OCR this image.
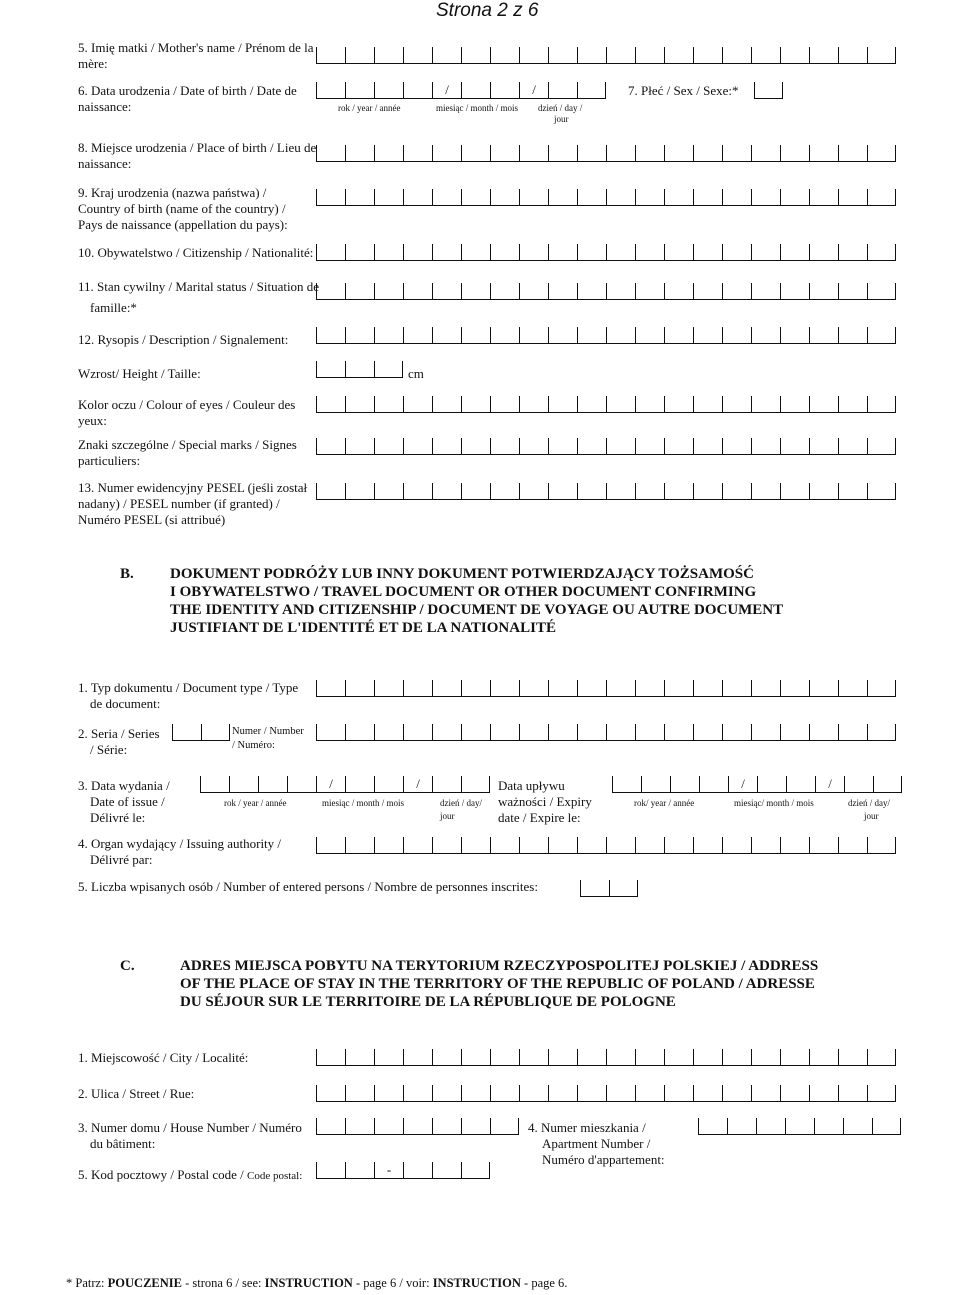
Strona 2 z 6
5. Imię matki / Mother's name / Prénom de la
mère:
6. Data urodzenia / Date of birth / Date de
naissance:
/	/
rok / year / année	miesiąc / month / mois dzień / day /
jour
7. Płeć / Sex / Sexe:*
8. Miejsce urodzenia / Place of birth / Lieu de
naissance:
9. Kraj urodzenia (nazwa państwa) /
Country of birth (name of the country) /
Pays de naissance (appellation du pays):
10. Obywatelstwo / Citizenship / Nationalité:
11. Stan cywilny / Marital status / Situation de
famille:*
12. Rysopis / Description / Signalement:
Wzrost/ Height / Taille:	cm
Kolor oczu / Colour of eyes / Couleur des
yeux:
Znaki szczególne / Special marks / Signes
particuliers:
13. Numer ewidencyjny PESEL (jeśli został
nadany) / PESEL number (if granted) /
Numéro PESEL (si attribué)
B. DOKUMENT PODRÓŻY LUB INNY DOKUMENT POTWIERDZAJĄCY TOŻSAMOŚĆ
I OBYWATELSTWO / TRAVEL DOCUMENT OR OTHER DOCUMENT CONFIRMING
THE IDENTITY AND CITIZENSHIP / DOCUMENT DE VOYAGE OU AUTRE DOCUMENT
JUSTIFIANT DE L'IDENTITÉ ET DE LA NATIONALITÉ
1. Typ dokumentu / Document type / Type
de document:
2. Seria / Series
/ Série:
Numer / Number
/ Numéro:
3. Data wydania /
Date of issue /
Délivré le:
/	/
rok / year / année	miesiąc / month / mois	dzień / day/
jour
Data upływu
ważności / Expiry
date / Expire le:
/	/
rok/ year / année	miesiąc/ month / mois	dzień / day/
jour
4. Organ wydający / Issuing authority /
Délivré par:
5. Liczba wpisanych osób / Number of entered persons / Nombre de personnes inscrites:
C.	ADRES MIEJSCA POBYTU NA TERYTORIUM RZECZYPOSPOLITEJ POLSKIEJ / ADDRESS
OF THE PLACE OF STAY IN THE TERRITORY OF THE REPUBLIC OF POLAND / ADRESSE
DU SÉJOUR SUR LE TERRITOIRE DE LA RÉPUBLIQUE DE POLOGNE
1. Miejscowość / City / Localité:
2. Ulica / Street / Rue:
3. Numer domu / House Number / Numéro
du bâtiment:
4. Numer mieszkania /
Apartment Number /
Numéro d'appartement:
5. Kod pocztowy / Postal code / Code postal:	-
* Patrz: POUCZENIE - strona 6 / see: INSTRUCTION - page 6 / voir: INSTRUCTION - page 6.
